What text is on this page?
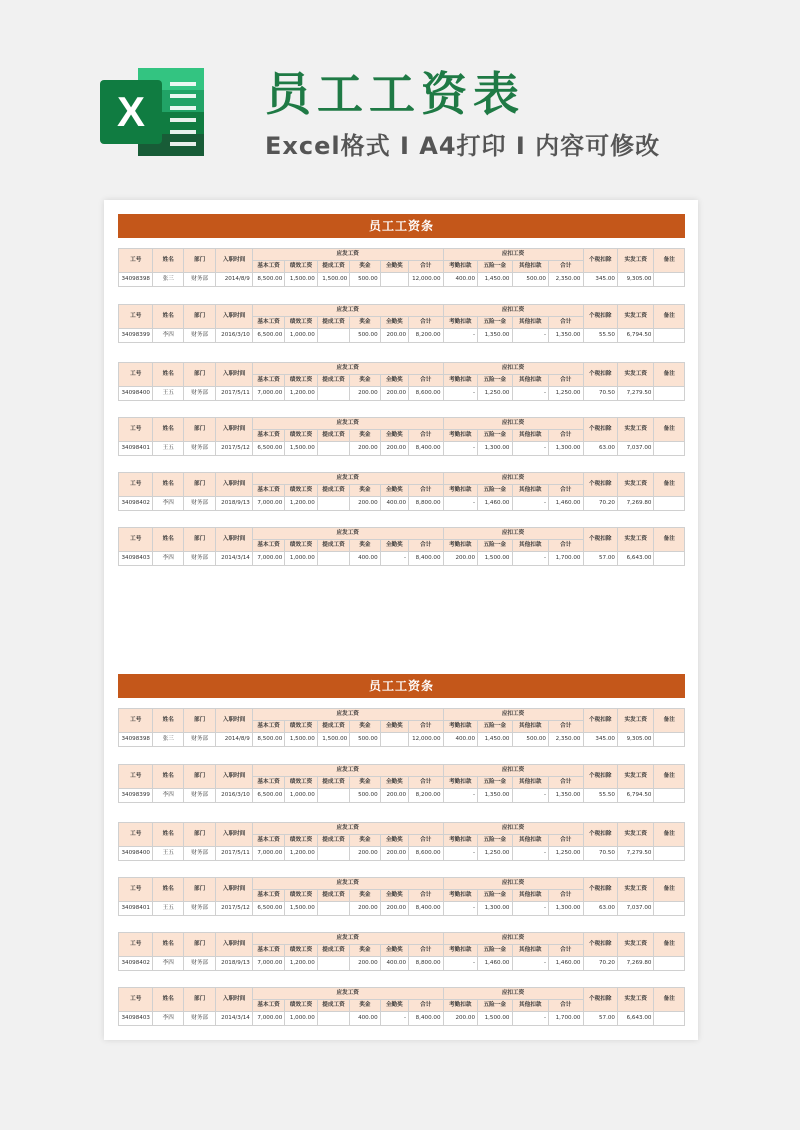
X	员工工资表
Excel格式 I A4打印 I 内容可修改
员工工资条
工号	姓名	部门	入职时间	应发工资						应扣工资				个税扣除	实发工资	备注
				基本工资	绩效工资	提成工资	奖金	全勤奖	合计	考勤扣款	五险一金	其他扣款	合计			
34098398	张三	财务部	2014/8/9	8,500.00	1,500.00	1,500.00	500.00		12,000.00	400.00	1,450.00	500.00	2,350.00	345.00	9,305.00	
工号	姓名	部门	入职时间	应发工资						应扣工资				个税扣除	实发工资	备注
				基本工资	绩效工资	提成工资	奖金	全勤奖	合计	考勤扣款	五险一金	其他扣款	合计			
34098399	李四	财务部	2016/3/10	6,500.00	1,000.00		500.00	200.00	8,200.00	-	1,350.00	-	1,350.00	55.50	6,794.50	
工号	姓名	部门	入职时间	应发工资						应扣工资				个税扣除	实发工资	备注
				基本工资	绩效工资	提成工资	奖金	全勤奖	合计	考勤扣款	五险一金	其他扣款	合计			
34098400	王五	财务部	2017/5/11	7,000.00	1,200.00		200.00	200.00	8,600.00	-	1,250.00	-	1,250.00	70.50	7,279.50	
工号	姓名	部门	入职时间	应发工资						应扣工资				个税扣除	实发工资	备注
				基本工资	绩效工资	提成工资	奖金	全勤奖	合计	考勤扣款	五险一金	其他扣款	合计			
34098401	王五	财务部	2017/5/12	6,500.00	1,500.00		200.00	200.00	8,400.00	-	1,300.00	-	1,300.00	63.00	7,037.00	
工号	姓名	部门	入职时间	应发工资						应扣工资				个税扣除	实发工资	备注
				基本工资	绩效工资	提成工资	奖金	全勤奖	合计	考勤扣款	五险一金	其他扣款	合计			
34098402	李四	财务部	2018/9/13	7,000.00	1,200.00		200.00	400.00	8,800.00	-	1,460.00	-	1,460.00	70.20	7,269.80	
工号	姓名	部门	入职时间	应发工资						应扣工资				个税扣除	实发工资	备注
				基本工资	绩效工资	提成工资	奖金	全勤奖	合计	考勤扣款	五险一金	其他扣款	合计			
34098403	李四	财务部	2014/3/14	7,000.00	1,000.00		400.00	-	8,400.00	200.00	1,500.00	-	1,700.00	57.00	6,643.00	
员工工资条
工号	姓名	部门	入职时间	应发工资						应扣工资				个税扣除	实发工资	备注
				基本工资	绩效工资	提成工资	奖金	全勤奖	合计	考勤扣款	五险一金	其他扣款	合计			
34098398	张三	财务部	2014/8/9	8,500.00	1,500.00	1,500.00	500.00		12,000.00	400.00	1,450.00	500.00	2,350.00	345.00	9,305.00	
工号	姓名	部门	入职时间	应发工资						应扣工资				个税扣除	实发工资	备注
				基本工资	绩效工资	提成工资	奖金	全勤奖	合计	考勤扣款	五险一金	其他扣款	合计			
34098399	李四	财务部	2016/3/10	6,500.00	1,000.00		500.00	200.00	8,200.00	-	1,350.00	-	1,350.00	55.50	6,794.50	
工号	姓名	部门	入职时间	应发工资						应扣工资				个税扣除	实发工资	备注
				基本工资	绩效工资	提成工资	奖金	全勤奖	合计	考勤扣款	五险一金	其他扣款	合计			
34098400	王五	财务部	2017/5/11	7,000.00	1,200.00		200.00	200.00	8,600.00	-	1,250.00	-	1,250.00	70.50	7,279.50	
工号	姓名	部门	入职时间	应发工资						应扣工资				个税扣除	实发工资	备注
				基本工资	绩效工资	提成工资	奖金	全勤奖	合计	考勤扣款	五险一金	其他扣款	合计			
34098401	王五	财务部	2017/5/12	6,500.00	1,500.00		200.00	200.00	8,400.00	-	1,300.00	-	1,300.00	63.00	7,037.00	
工号	姓名	部门	入职时间	应发工资						应扣工资				个税扣除	实发工资	备注
				基本工资	绩效工资	提成工资	奖金	全勤奖	合计	考勤扣款	五险一金	其他扣款	合计			
34098402	李四	财务部	2018/9/13	7,000.00	1,200.00		200.00	400.00	8,800.00	-	1,460.00	-	1,460.00	70.20	7,269.80	
工号	姓名	部门	入职时间	应发工资						应扣工资				个税扣除	实发工资	备注
				基本工资	绩效工资	提成工资	奖金	全勤奖	合计	考勤扣款	五险一金	其他扣款	合计			
34098403	李四	财务部	2014/3/14	7,000.00	1,000.00		400.00	-	8,400.00	200.00	1,500.00	-	1,700.00	57.00	6,643.00	
